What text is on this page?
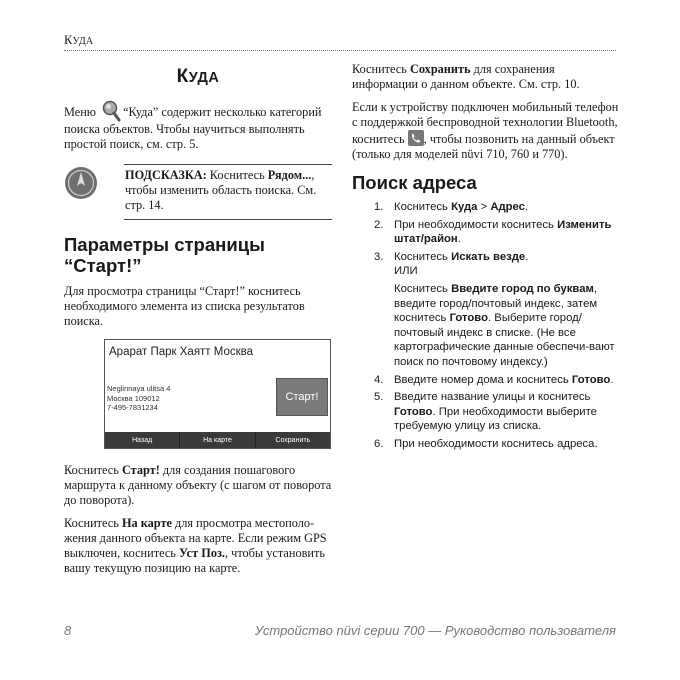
КУДА
КУДА

Меню “Куда” содержит несколько категорий поиска объектов. Чтобы научиться выполнять простой поиск, см. стр. 5.

ПОДСКАЗКА: Коснитесь Рядом..., чтобы изменить область поиска. См. стр. 14.
Параметры страницы “Старт!”

Для просмотра страницы “Старт!” коснитесь необходимого элемента из списка результатов поиска.

Арарат Парк Хаятт Москва
Neglinnaya ulitsa 4
Москва 109012
7-495-7831234
Старт!
Назад	На карте	Сохранить

Коснитесь Старт! для создания пошагового маршрута к данному объекту (с шагом от поворота до поворота).

Коснитесь На карте для просмотра местополо-жения данного объекта на карте. Если режим GPS выключен, коснитесь Уст Поз., чтобы установить вашу текущую позицию на карте.

Коснитесь Сохранить для сохранения информации о данном объекте. См. стр. 10.

Если к устройству подключен мобильный телефон с поддержкой беспроводной технологии Bluetooth, коснитесь , чтобы позвонить на данный объект (только для моделей nüvi 710, 760 и 770).

Поиск адреса
1. Коснитесь Куда > Адрес.
2. При необходимости коснитесь Изменить штат/район.
3. Коснитесь Искать везде.
ИЛИ

Коснитесь Введите город по буквам, введите город/почтовый индекс, затем коснитесь Готово. Выберите город/почтовый индекс в списке. (Не все картографические данные обеспечи-вают поиск по почтовому индексу.)
4. Введите номер дома и коснитесь Готово.
5. Введите название улицы и коснитесь Готово. При необходимости выберите требуемую улицу из списка.
6. При необходимости коснитесь адреса.
8	Устройство nüvi серии 700 — Руководство пользователя
